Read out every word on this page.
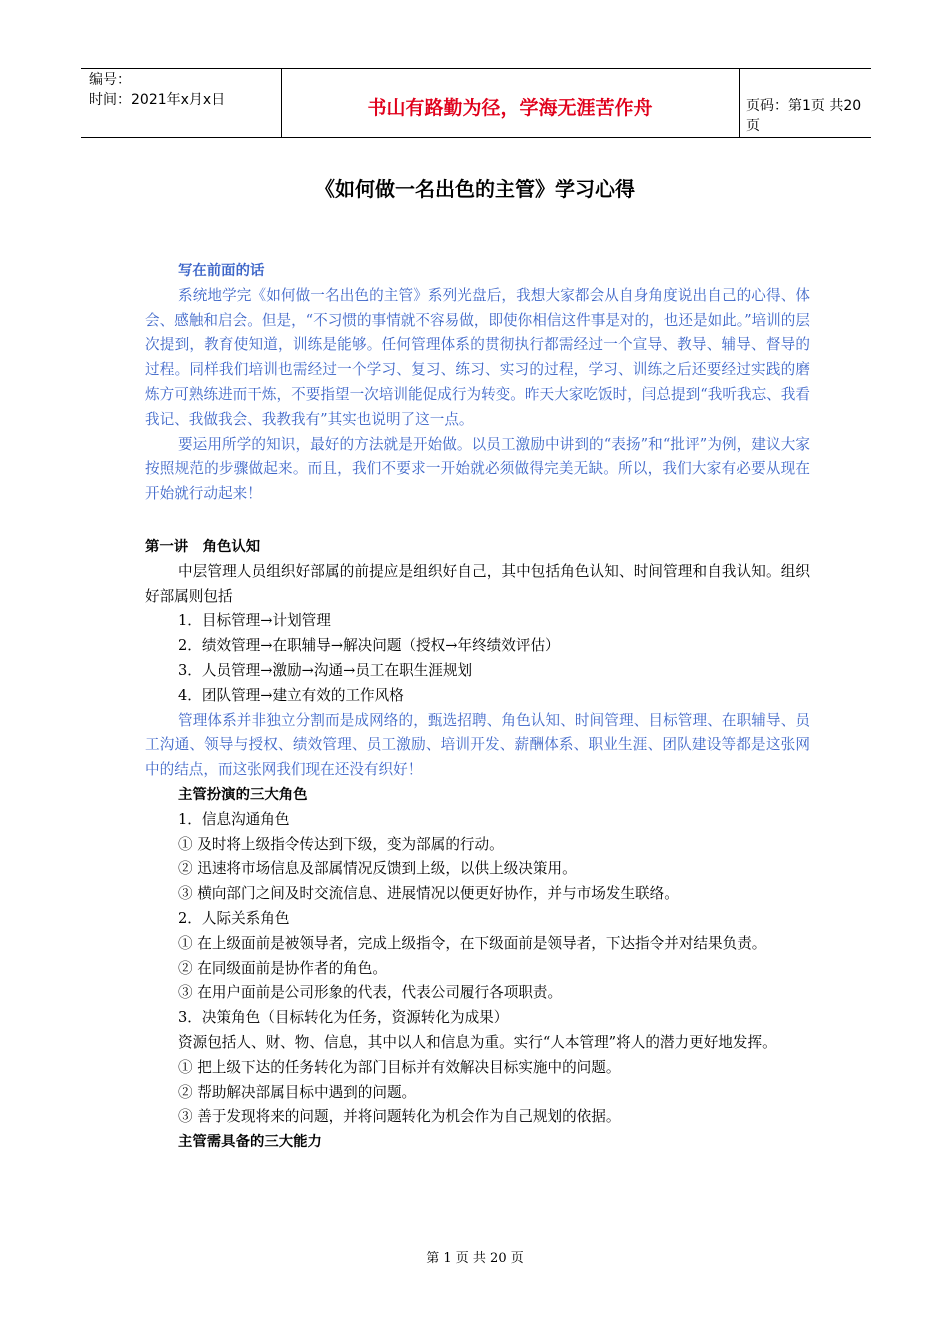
编号：
时间：2021年x月x日	书山有路勤为径，学海无涯苦作舟	页码：第1页 共20页
《如何做一名出色的主管》学习心得

写在前面的话

系统地学完《如何做一名出色的主管》系列光盘后，我想大家都会从自身角度说出自己的心得、体会、感触和启会。但是，“不习惯的事情就不容易做，即使你相信这件事是对的，也还是如此。”培训的层次提到，教育使知道，训练是能够。任何管理体系的贯彻执行都需经过一个宣导、教导、辅导、督导的过程。同样我们培训也需经过一个学习、复习、练习、实习的过程，学习、训练之后还要经过实践的磨炼方可熟练进而干炼，不要指望一次培训能促成行为转变。昨天大家吃饭时，闫总提到“我听我忘、我看我记、我做我会、我教我有”其实也说明了这一点。

要运用所学的知识，最好的方法就是开始做。以员工激励中讲到的“表扬”和“批评”为例，建议大家按照规范的步骤做起来。而且，我们不要求一开始就必须做得完美无缺。所以，我们大家有必要从现在开始就行动起来！

第一讲　角色认知

中层管理人员组织好部属的前提应是组织好自己，其中包括角色认知、时间管理和自我认知。组织好部属则包括

1．目标管理→计划管理

2．绩效管理→在职辅导→解决问题（授权→年终绩效评估）

3．人员管理→激励→沟通→员工在职生涯规划

4．团队管理→建立有效的工作风格

管理体系并非独立分割而是成网络的，甄选招聘、角色认知、时间管理、目标管理、在职辅导、员工沟通、领导与授权、绩效管理、员工激励、培训开发、薪酬体系、职业生涯、团队建设等都是这张网中的结点，而这张网我们现在还没有织好！

主管扮演的三大角色

1．信息沟通角色

① 及时将上级指令传达到下级，变为部属的行动。

② 迅速将市场信息及部属情况反馈到上级，以供上级决策用。

③ 横向部门之间及时交流信息、进展情况以便更好协作，并与市场发生联络。

2．人际关系角色

① 在上级面前是被领导者，完成上级指令，在下级面前是领导者，下达指令并对结果负责。

② 在同级面前是协作者的角色。

③ 在用户面前是公司形象的代表，代表公司履行各项职责。

3．决策角色（目标转化为任务，资源转化为成果）

资源包括人、财、物、信息，其中以人和信息为重。实行“人本管理”将人的潜力更好地发挥。

① 把上级下达的任务转化为部门目标并有效解决目标实施中的问题。

② 帮助解决部属目标中遇到的问题。

③ 善于发现将来的问题，并将问题转化为机会作为自己规划的依据。

主管需具备的三大能力

第 1 页 共 20 页
